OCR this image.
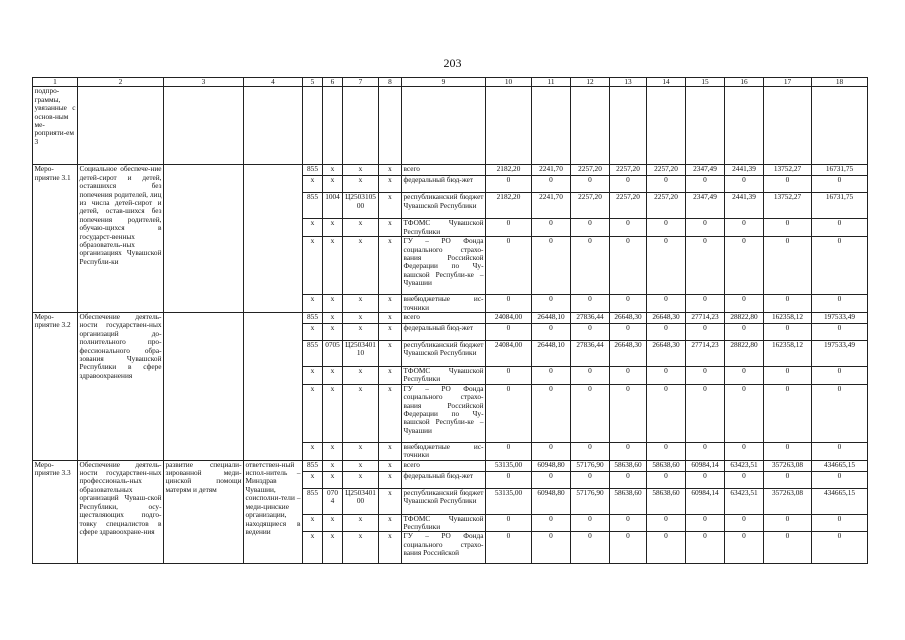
203
1	2	3	4	5	6	7	8	9	10	11	12	13	14	15	16	17	18
подпро-граммы, увязанные с основ-ным ме-роприяти-ем 3																	
Меро-приятие 3.1	Социальное обеспече-ние детей-сирот и детей, оставшихся без попечения родителей, лиц из числа детей-сирот и детей, остав-шихся без попечения родителей, обучаю-щихся в государст-венных образователь-ных организациях Чувашской Республи-ки			855	x	x	x	всего	2182,20	2241,70	2257,20	2257,20	2257,20	2347,49	2441,39	13752,27	16731,75
				x	x	x	x	федеральный бюд-жет	0	0	0	0	0	0	0	0	0
				855	1004	Ц2503105 00	x	республиканский бюджет Чувашской Республики	2182,20	2241,70	2257,20	2257,20	2257,20	2347,49	2441,39	13752,27	16731,75
				x	x	x	x	ТФОМС Чувашской Республики	0	0	0	0	0	0	0	0	0
				x	x	x	x	ГУ – РО Фонда социального страхо-вания Российской Федерации по Чу-вашской Республи-ке – Чувашии	0	0	0	0	0	0	0	0	0
				x	x	x	x	внебюджетные ис-точники	0	0	0	0	0	0	0	0	0
Меро-приятие 3.2	Обеспечение деятель-ности государствен-ных организаций до-полнительного про-фессионального обра-зования Чувашской Республики в сфере здравоохранения			855	x	x	x	всего	24084,00	26448,10	27836,44	26648,30	26648,30	27714,23	28822,80	162358,12	197533,49
				x	x	x	x	федеральный бюд-жет	0	0	0	0	0	0	0	0	0
				855	0705	Ц2503401 10	x	республиканский бюджет Чувашской Республики	24084,00	26448,10	27836,44	26648,30	26648,30	27714,23	28822,80	162358,12	197533,49
				x	x	x	x	ТФОМС Чувашской Республики	0	0	0	0	0	0	0	0	0
				x	x	x	x	ГУ – РО Фонда социального страхо-вания Российской Федерации по Чу-вашской Республи-ке – Чувашии	0	0	0	0	0	0	0	0	0
				x	x	x	x	внебюджетные ис-точники	0	0	0	0	0	0	0	0	0
Меро-приятие 3.3	Обеспечение деятель-ности государствен-ных профессиональ-ных образовательных организаций Чуваш-ской Республики, осу-ществляющих подго-товку специалистов в сфере здравоохране-ния	развитие специали-зированной меди-цинской помощи матерям и детям	ответствен-ный испол-нитель – Минздрав Чувашии, соисполни-тели – меди-цинские организации, находящиеся в ведении	855	x	x	x	всего	53135,00	60948,80	57176,90	58638,60	58638,60	60984,14	63423,51	357263,08	434665,15
				x	x	x	x	федеральный бюд-жет	0	0	0	0	0	0	0	0	0
				855	070 4	Ц2503401 00	x	республиканский бюджет Чувашской Республики	53135,00	60948,80	57176,90	58638,60	58638,60	60984,14	63423,51	357263,08	434665,15
				x	x	x	x	ТФОМС Чувашской Республики	0	0	0	0	0	0	0	0	0
				x	x	x	x	ГУ – РО Фонда социального страхо-вания Российской	0	0	0	0	0	0	0	0	0
